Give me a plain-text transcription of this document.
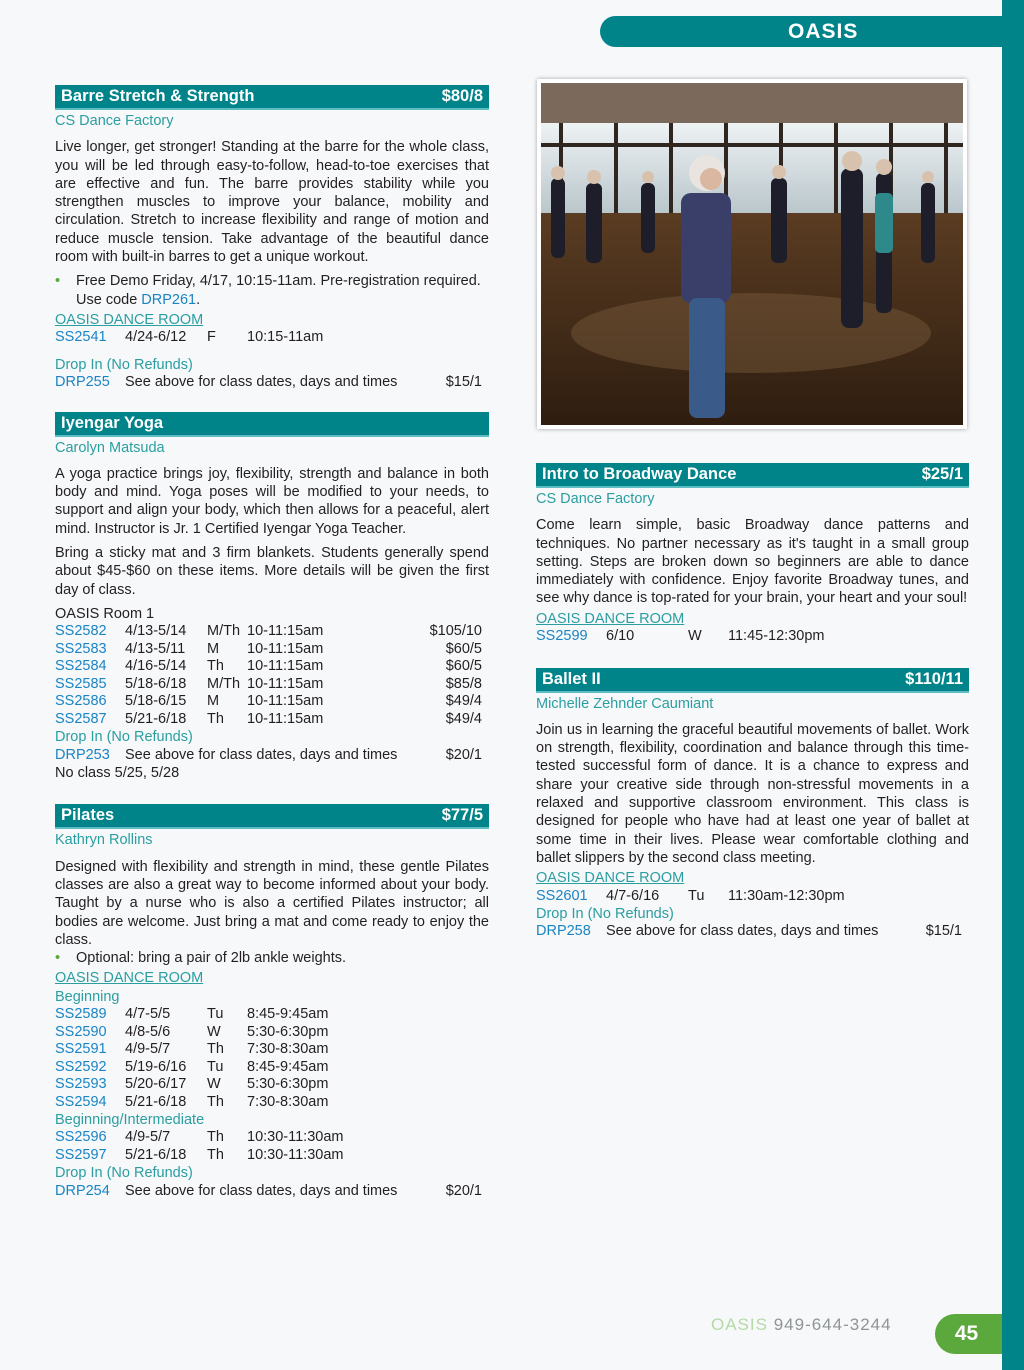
OASIS
Barre Stretch & Strength	$80/8
CS Dance Factory

Live longer, get stronger! Standing at the barre for the whole class, you will be led through easy-to-follow, head-to-toe exercises that are effective and fun. The barre provides stability while you strengthen muscles to improve your balance, mobility and circulation. Stretch to increase flexibility and range of motion and reduce muscle tension. Take advantage of the beautiful dance room with built-in barres to get a unique workout.

• Free Demo Friday, 4/17, 10:15-11am. Pre-registration required. Use code DRP261.
OASIS DANCE ROOM
SS2541	4/24-6/12	F	10:15-11am
Drop In (No Refunds)
DRP255	See above for class dates, days and times	$15/1
Iyengar Yoga
Carolyn Matsuda

A yoga practice brings joy, flexibility, strength and balance in both body and mind. Yoga poses will be modified to your needs, to support and align your body, which then allows for a peaceful, alert mind. Instructor is Jr. 1 Certified Iyengar Yoga Teacher.

Bring a sticky mat and 3 firm blankets. Students generally spend about $45-$60 on these items. More details will be given the first day of class.

OASIS Room 1
SS2582	4/13-5/14	M/Th 10-11:15am	$105/10
SS2583	4/13-5/11	M	10-11:15am	$60/5
SS2584	4/16-5/14	Th	10-11:15am	$60/5
SS2585	5/18-6/18	M/Th 10-11:15am	$85/8
SS2586	5/18-6/15	M	10-11:15am	$49/4
SS2587	5/21-6/18	Th	10-11:15am	$49/4
Drop In (No Refunds)
DRP253	See above for class dates, days and times	$20/1
No class 5/25, 5/28
Pilates	$77/5
Kathryn Rollins

Designed with flexibility and strength in mind, these gentle Pilates classes are also a great way to become informed about your body. Taught by a nurse who is also a certified Pilates instructor; all bodies are welcome. Just bring a mat and come ready to enjoy the class.

• Optional: bring a pair of 2lb ankle weights.
OASIS DANCE ROOM
Beginning
SS2589	4/7-5/5	Tu	8:45-9:45am
SS2590	4/8-5/6	W	5:30-6:30pm
SS2591	4/9-5/7	Th	7:30-8:30am
SS2592	5/19-6/16	Tu	8:45-9:45am
SS2593	5/20-6/17	W	5:30-6:30pm
SS2594	5/21-6/18	Th	7:30-8:30am
Beginning/Intermediate
SS2596	4/9-5/7	Th	10:30-11:30am
SS2597	5/21-6/18	Th	10:30-11:30am
Drop In (No Refunds)
DRP254	See above for class dates, days and times	$20/1
Intro to Broadway Dance	$25/1
CS Dance Factory

Come learn simple, basic Broadway dance patterns and techniques. No partner necessary as it's taught in a small group setting. Steps are broken down so beginners are able to dance immediately with confidence. Enjoy favorite Broadway tunes, and see why dance is top-rated for your brain, your heart and your soul!

OASIS DANCE ROOM
SS2599	6/10	W	11:45-12:30pm
Ballet II	$110/11
Michelle Zehnder Caumiant

Join us in learning the graceful beautiful movements of ballet. Work on strength, flexibility, coordination and balance through this time-tested successful form of dance. It is a chance to express and share your creative side through non-stressful movements in a relaxed and supportive classroom environment. This class is designed for people who have had at least one year of ballet at some time in their lives. Please wear comfortable clothing and ballet slippers by the second class meeting.

OASIS DANCE ROOM
SS2601	4/7-6/16	Tu	11:30am-12:30pm
Drop In (No Refunds)
DRP258	See above for class dates, days and times	$15/1
OASIS 949-644-3244	45
